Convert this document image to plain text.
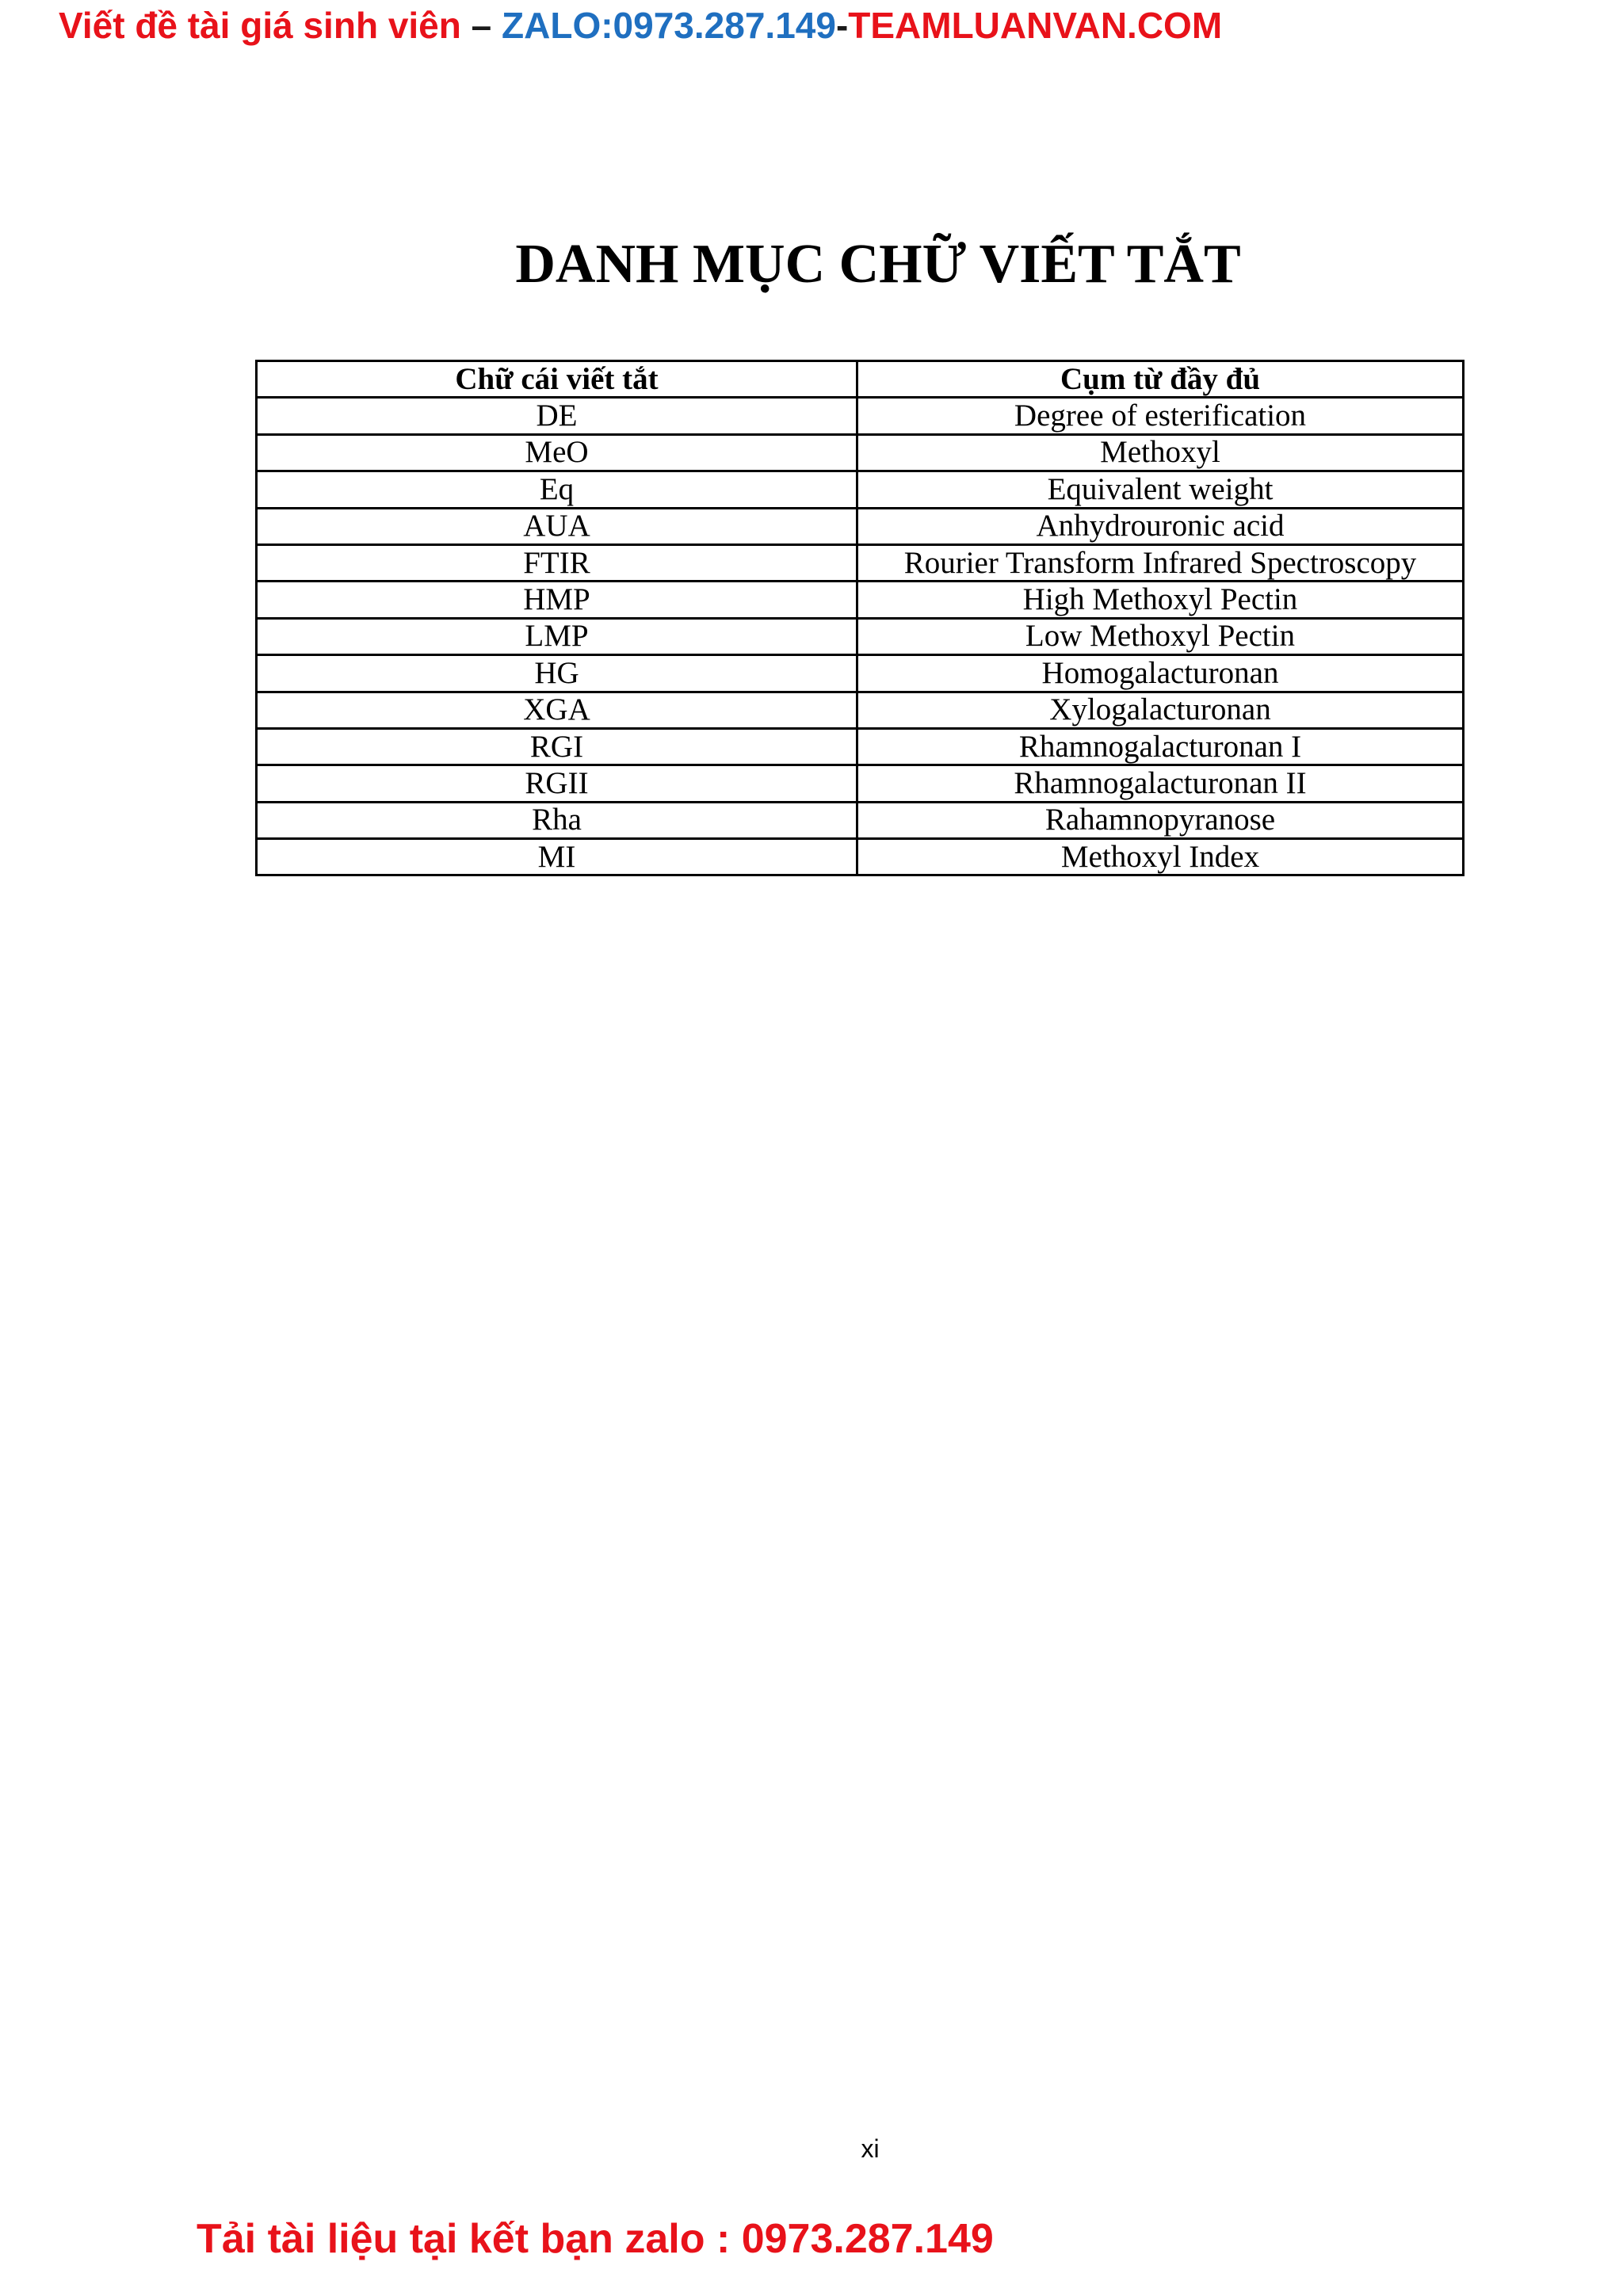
Viết đề tài giá sinh viên – ZALO:0973.287.149-TEAMLUANVAN.COM
DANH MỤC CHỮ VIẾT TẮT
Chữ cái viết tắt	Cụm từ đầy đủ
DE	Degree of esterification
MeO	Methoxyl
Eq	Equivalent weight
AUA	Anhydrouronic acid
FTIR	Rourier Transform Infrared Spectroscopy
HMP	High Methoxyl Pectin
LMP	Low Methoxyl Pectin
HG	Homogalacturonan
XGA	Xylogalacturonan
RGI	Rhamnogalacturonan I
RGII	Rhamnogalacturonan II
Rha	Rahamnopyranose
MI	Methoxyl Index
xi
Tải tài liệu tại kết bạn zalo : 0973.287.149
